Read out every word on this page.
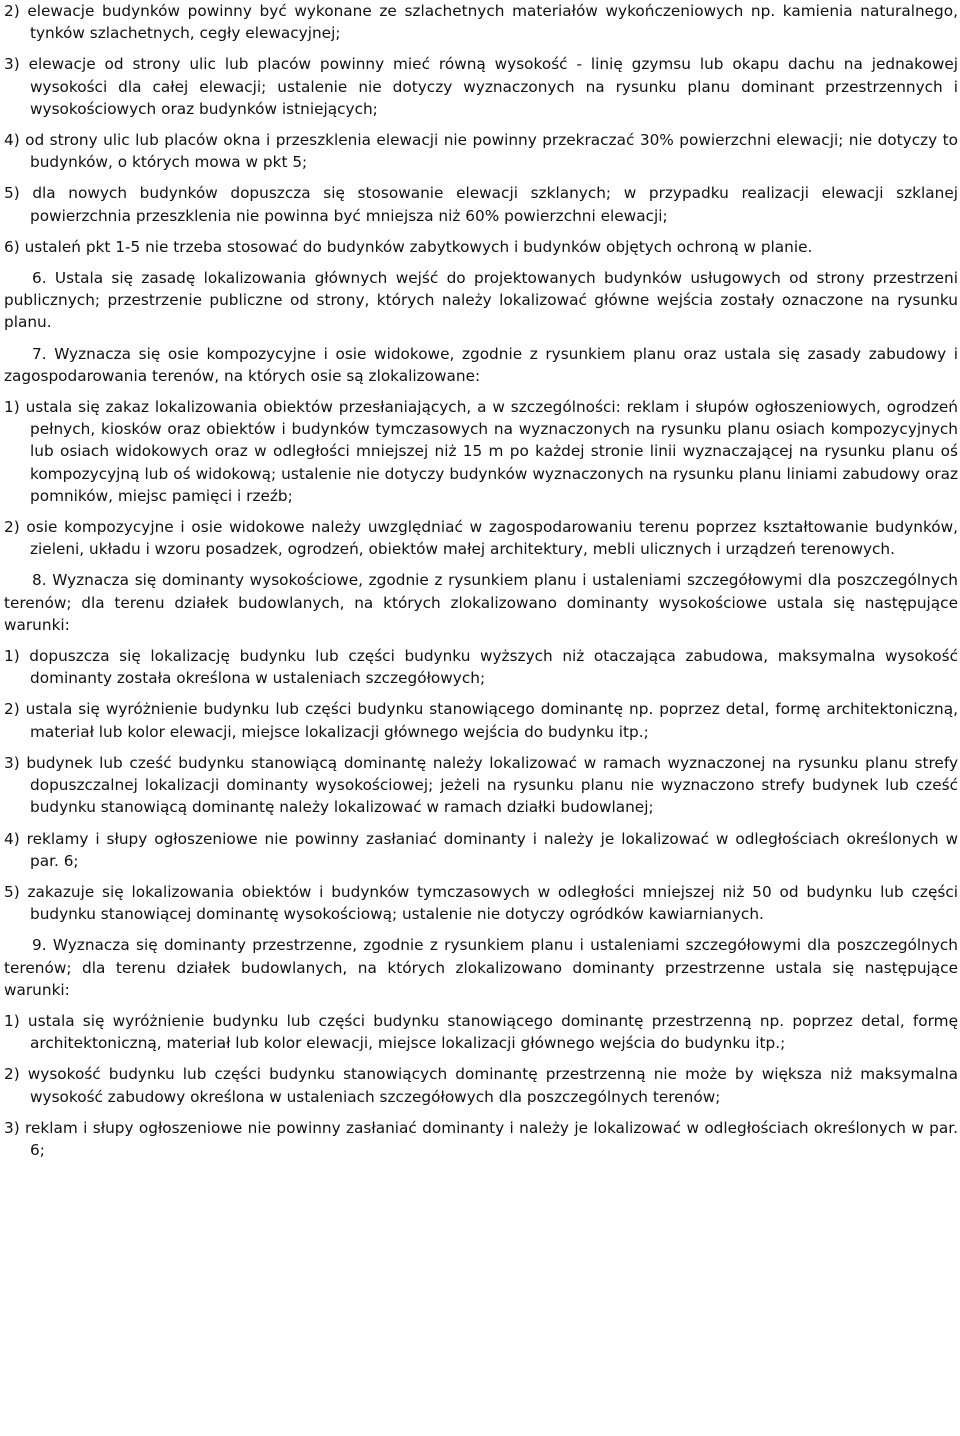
2) elewacje budynków powinny być wykonane ze szlachetnych materiałów wykończeniowych np. kamienia naturalnego, tynków szlachetnych, cegły elewacyjnej;

3) elewacje od strony ulic lub placów powinny mieć równą wysokość - linię gzymsu lub okapu dachu na jednakowej wysokości dla całej elewacji; ustalenie nie dotyczy wyznaczonych na rysunku planu dominant przestrzennych i wysokościowych oraz budynków istniejących;

4) od strony ulic lub placów okna i przeszklenia elewacji nie powinny przekraczać 30% powierzchni elewacji; nie dotyczy to budynków, o których mowa w pkt 5;

5) dla nowych budynków dopuszcza się stosowanie elewacji szklanych; w przypadku realizacji elewacji szklanej powierzchnia przeszklenia nie powinna być mniejsza niż 60% powierzchni elewacji;

6) ustaleń pkt 1-5 nie trzeba stosować do budynków zabytkowych i budynków objętych ochroną w planie.

6. Ustala się zasadę lokalizowania głównych wejść do projektowanych budynków usługowych od strony przestrzeni publicznych; przestrzenie publiczne od strony, których należy lokalizować główne wejścia zostały oznaczone na rysunku planu.

7. Wyznacza się osie kompozycyjne i osie widokowe, zgodnie z rysunkiem planu oraz ustala się zasady zabudowy i zagospodarowania terenów, na których osie są zlokalizowane:

1) ustala się zakaz lokalizowania obiektów przesłaniających, a w szczególności: reklam i słupów ogłoszeniowych, ogrodzeń pełnych, kiosków oraz obiektów i budynków tymczasowych na wyznaczonych na rysunku planu osiach kompozycyjnych lub osiach widokowych oraz w odległości mniejszej niż 15 m po każdej stronie linii wyznaczającej na rysunku planu oś kompozycyjną lub oś widokową; ustalenie nie dotyczy budynków wyznaczonych na rysunku planu liniami zabudowy oraz pomników, miejsc pamięci i rzeźb;

2) osie kompozycyjne i osie widokowe należy uwzględniać w zagospodarowaniu terenu poprzez kształtowanie budynków, zieleni, układu i wzoru posadzek, ogrodzeń, obiektów małej architektury, mebli ulicznych i urządzeń terenowych.

8. Wyznacza się dominanty wysokościowe, zgodnie z rysunkiem planu i ustaleniami szczegółowymi dla poszczególnych terenów; dla terenu działek budowlanych, na których zlokalizowano dominanty wysokościowe ustala się następujące warunki:

1) dopuszcza się lokalizację budynku lub części budynku wyższych niż otaczająca zabudowa, maksymalna wysokość dominanty została określona w ustaleniach szczegółowych;

2) ustala się wyróżnienie budynku lub części budynku stanowiącego dominantę np. poprzez detal, formę architektoniczną, materiał lub kolor elewacji, miejsce lokalizacji głównego wejścia do budynku itp.;

3) budynek lub cześć budynku stanowiącą dominantę należy lokalizować w ramach wyznaczonej na rysunku planu strefy dopuszczalnej lokalizacji dominanty wysokościowej; jeżeli na rysunku planu nie wyznaczono strefy budynek lub cześć budynku stanowiącą dominantę należy lokalizować w ramach działki budowlanej;

4) reklamy i słupy ogłoszeniowe nie powinny zasłaniać dominanty i należy je lokalizować w odległościach określonych w par. 6;

5) zakazuje się lokalizowania obiektów i budynków tymczasowych w odległości mniejszej niż 50 od budynku lub części budynku stanowiącej dominantę wysokościową; ustalenie nie dotyczy ogródków kawiarnianych.

9. Wyznacza się dominanty przestrzenne, zgodnie z rysunkiem planu i ustaleniami szczegółowymi dla poszczególnych terenów; dla terenu działek budowlanych, na których zlokalizowano dominanty przestrzenne ustala się następujące warunki:

1) ustala się wyróżnienie budynku lub części budynku stanowiącego dominantę przestrzenną np. poprzez detal, formę architektoniczną, materiał lub kolor elewacji, miejsce lokalizacji głównego wejścia do budynku itp.;

2) wysokość budynku lub części budynku stanowiących dominantę przestrzenną nie może by większa niż maksymalna wysokość zabudowy określona w ustaleniach szczegółowych dla poszczególnych terenów;

3) reklam i słupy ogłoszeniowe nie powinny zasłaniać dominanty i należy je lokalizować w odległościach określonych w par. 6;
